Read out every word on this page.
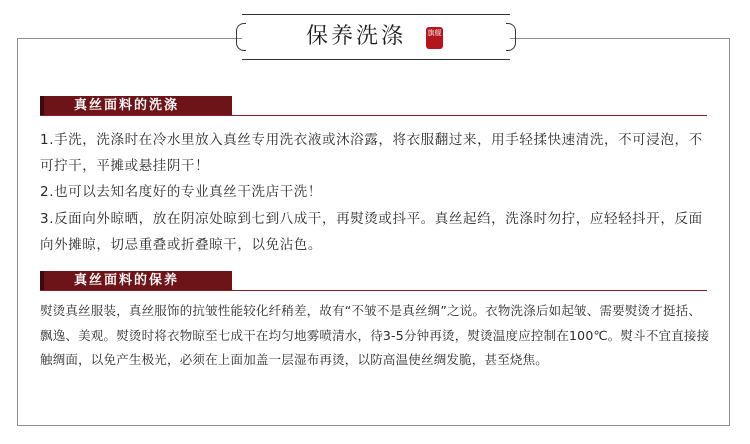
保养洗涤	旗舰
真丝面料的洗涤
1.手洗，洗涤时在冷水里放入真丝专用洗衣液或沐浴露，将衣服翻过来，用手轻揉快速清洗，不可浸泡，不可拧干，平摊或悬挂阴干！
2.也可以去知名度好的专业真丝干洗店干洗！
3.反面向外晾晒，放在阴凉处晾到七到八成干，再熨烫或抖平。真丝起绉，洗涤时勿拧，应轻轻抖开，反面向外摊晾，切忌重叠或折叠晾干，以免沾色。
真丝面料的保养
熨烫真丝服装，真丝服饰的抗皱性能较化纤稍差，故有“不皱不是真丝绸”之说。衣物洗涤后如起皱、需要熨烫才挺括、飘逸、美观。熨烫时将衣物晾至七成干在均匀地雾喷清水，待3-5分钟再烫，熨烫温度应控制在100℃。熨斗不宜直接接触绸面，以免产生极光，必须在上面加盖一层湿布再烫，以防高温使丝绸发脆，甚至烧焦。
